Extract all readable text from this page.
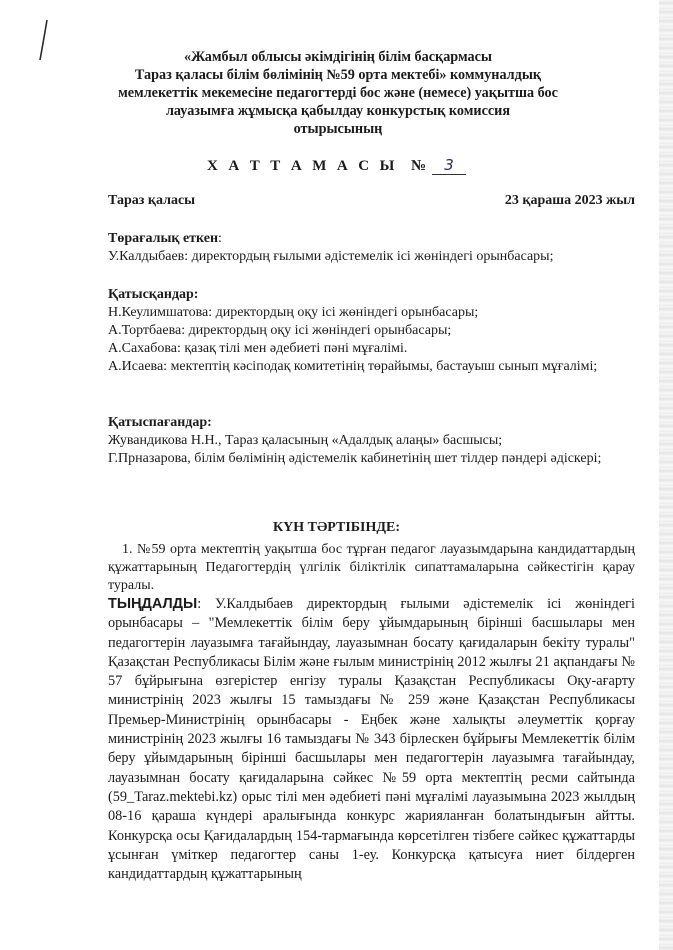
«Жамбыл облысы әкімдігінің білім басқармасы
Тараз қаласы білім бөлімінің №59 орта мектебі» коммуналдық
мемлекеттік мекемесіне педагогтерді бос және (немесе) уақытша бос
лауазымға жұмысқа қабылдау конкурстық комиссия
отырысының
Х А Т Т А М А С Ы № 3
Тараз қаласы	23 қараша 2023 жыл
Төрағалық еткен:
У.Калдыбаев: директордың ғылыми әдістемелік ісі жөніндегі орынбасары;
Қатысқандар:
Н.Кеулимшатова: директордың оқу ісі жөніндегі орынбасары;
А.Тортбаева: директордың оқу ісі жөніндегі орынбасары;
А.Сахабова: қазақ тілі мен әдебиеті пәні мұғалімі.
А.Исаева: мектептің кәсіподақ комитетінің төрайымы, бастауыш сынып мұғалімі;
Қатыспағандар:
Жувандикова Н.Н., Тараз қаласының «Адалдық алаңы» басшысы;
Г.Прназарова, білім бөлімінің әдістемелік кабинетінің шет тілдер пәндері әдіскері;
КҮН ТӘРТІБІНДЕ:
1. №59 орта мектептің уақытша бос тұрған педагог лауазымдарына кандидаттардың құжаттарының Педагогтердің үлгілік біліктілік сипаттамаларына сәйкестігін қарау туралы.
ТЫҢДАЛДЫ: У.Калдыбаев директордың ғылыми әдістемелік ісі жөніндегі орынбасары – "Мемлекеттік білім беру ұйымдарының бірінші басшылары мен педагогтерін лауазымға тағайындау, лауазымнан босату қағидаларын бекіту туралы" Қазақстан Республикасы Білім және ғылым министрінің 2012 жылғы 21 ақпандағы № 57 бұйрығына өзгерістер енгізу туралы Қазақстан Республикасы Оқу-ағарту министрінің 2023 жылғы 15 тамыздағы № 259 және Қазақстан Республикасы Премьер-Министрінің орынбасары - Еңбек және халықты әлеуметтік қорғау министрінің 2023 жылғы 16 тамыздағы № 343 бірлескен бұйрығы Мемлекеттік білім беру ұйымдарының бірінші басшылары мен педагогтерін лауазымға тағайындау, лауазымнан босату қағидаларына сәйкес №59 орта мектептің ресми сайтында (59_Taraz.mektebi.kz) орыс тілі мен әдебиеті пәні мұғалімі лауазымына 2023 жылдың 08-16 қараша күндері аралығында конкурс жарияланған болатындығын айтты. Конкурсқа осы Қағидалардың 154-тармағында көрсетілген тізбеге сәйкес құжаттарды ұсынған үміткер педагогтер саны 1-еу. Конкурсқа қатысуға ниет білдерген кандидаттардың құжаттарының
